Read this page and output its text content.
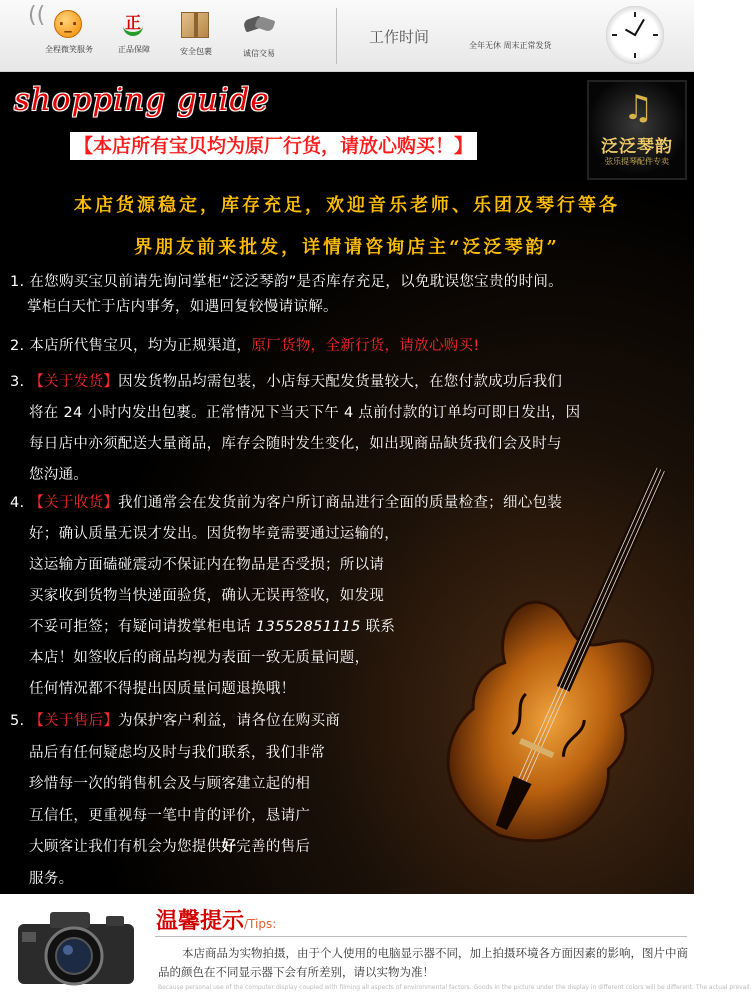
(( ·_·
全程微笑服务
正
正品保障	安全包裹	诚信交易
工作时间	全年无休 周末正常发货
shopping guide	♫
泛泛琴韵
弦乐提琴配件专卖
【本店所有宝贝均为原厂行货，请放心购买！】
本店货源稳定，库存充足，欢迎音乐老师、乐团及琴行等各
界朋友前来批发，详情请咨询店主“泛泛琴韵”
1. 在您购买宝贝前请先询问掌柜“泛泛琴韵”是否库存充足，以免耽误您宝贵的时间。
掌柜白天忙于店内事务，如遇回复较慢请谅解。
2. 本店所代售宝贝，均为正规渠道，原厂货物，全新行货，请放心购买!
3. 【关于发货】因发货物品均需包装，小店每天配发货量较大，在您付款成功后我们
将在 24 小时内发出包裹。正常情况下当天下午 4 点前付款的订单均可即日发出，因
每日店中亦须配送大量商品，库存会随时发生变化，如出现商品缺货我们会及时与
您沟通。
4. 【关于收货】我们通常会在发货前为客户所订商品进行全面的质量检查；细心包装
好；确认质量无误才发出。因货物毕竟需要通过运输的，
这运输方面磕碰震动不保证内在物品是否受损；所以请
买家收到货物当快递面验货，确认无误再签收，如发现
不妥可拒签；有疑问请拨掌柜电话 13552851115 联系
本店！如签收后的商品均视为表面一致无质量问题，
任何情况都不得提出因质量问题退换哦！
5. 【关于售后】为保护客户利益，请各位在购买商
品后有任何疑虑均及时与我们联系，我们非常
珍惜每一次的销售机会及与顾客建立起的相
互信任，更重视每一笔中肯的评价，恳请广
大顾客让我们有机会为您提供好完善的售后
服务。
温馨提示/Tips:
本店商品为实物拍摄，由于个人使用的电脑显示器不同，加上拍摄环境各方面因素的影响，图片中商品的颜色在不同显示器下会有所差别，请以实物为准！
Because personal use of the computer display coupled with filming all aspects of environmental factors. Goods in the picture under the display in different colors will be different. The actual prevail.
